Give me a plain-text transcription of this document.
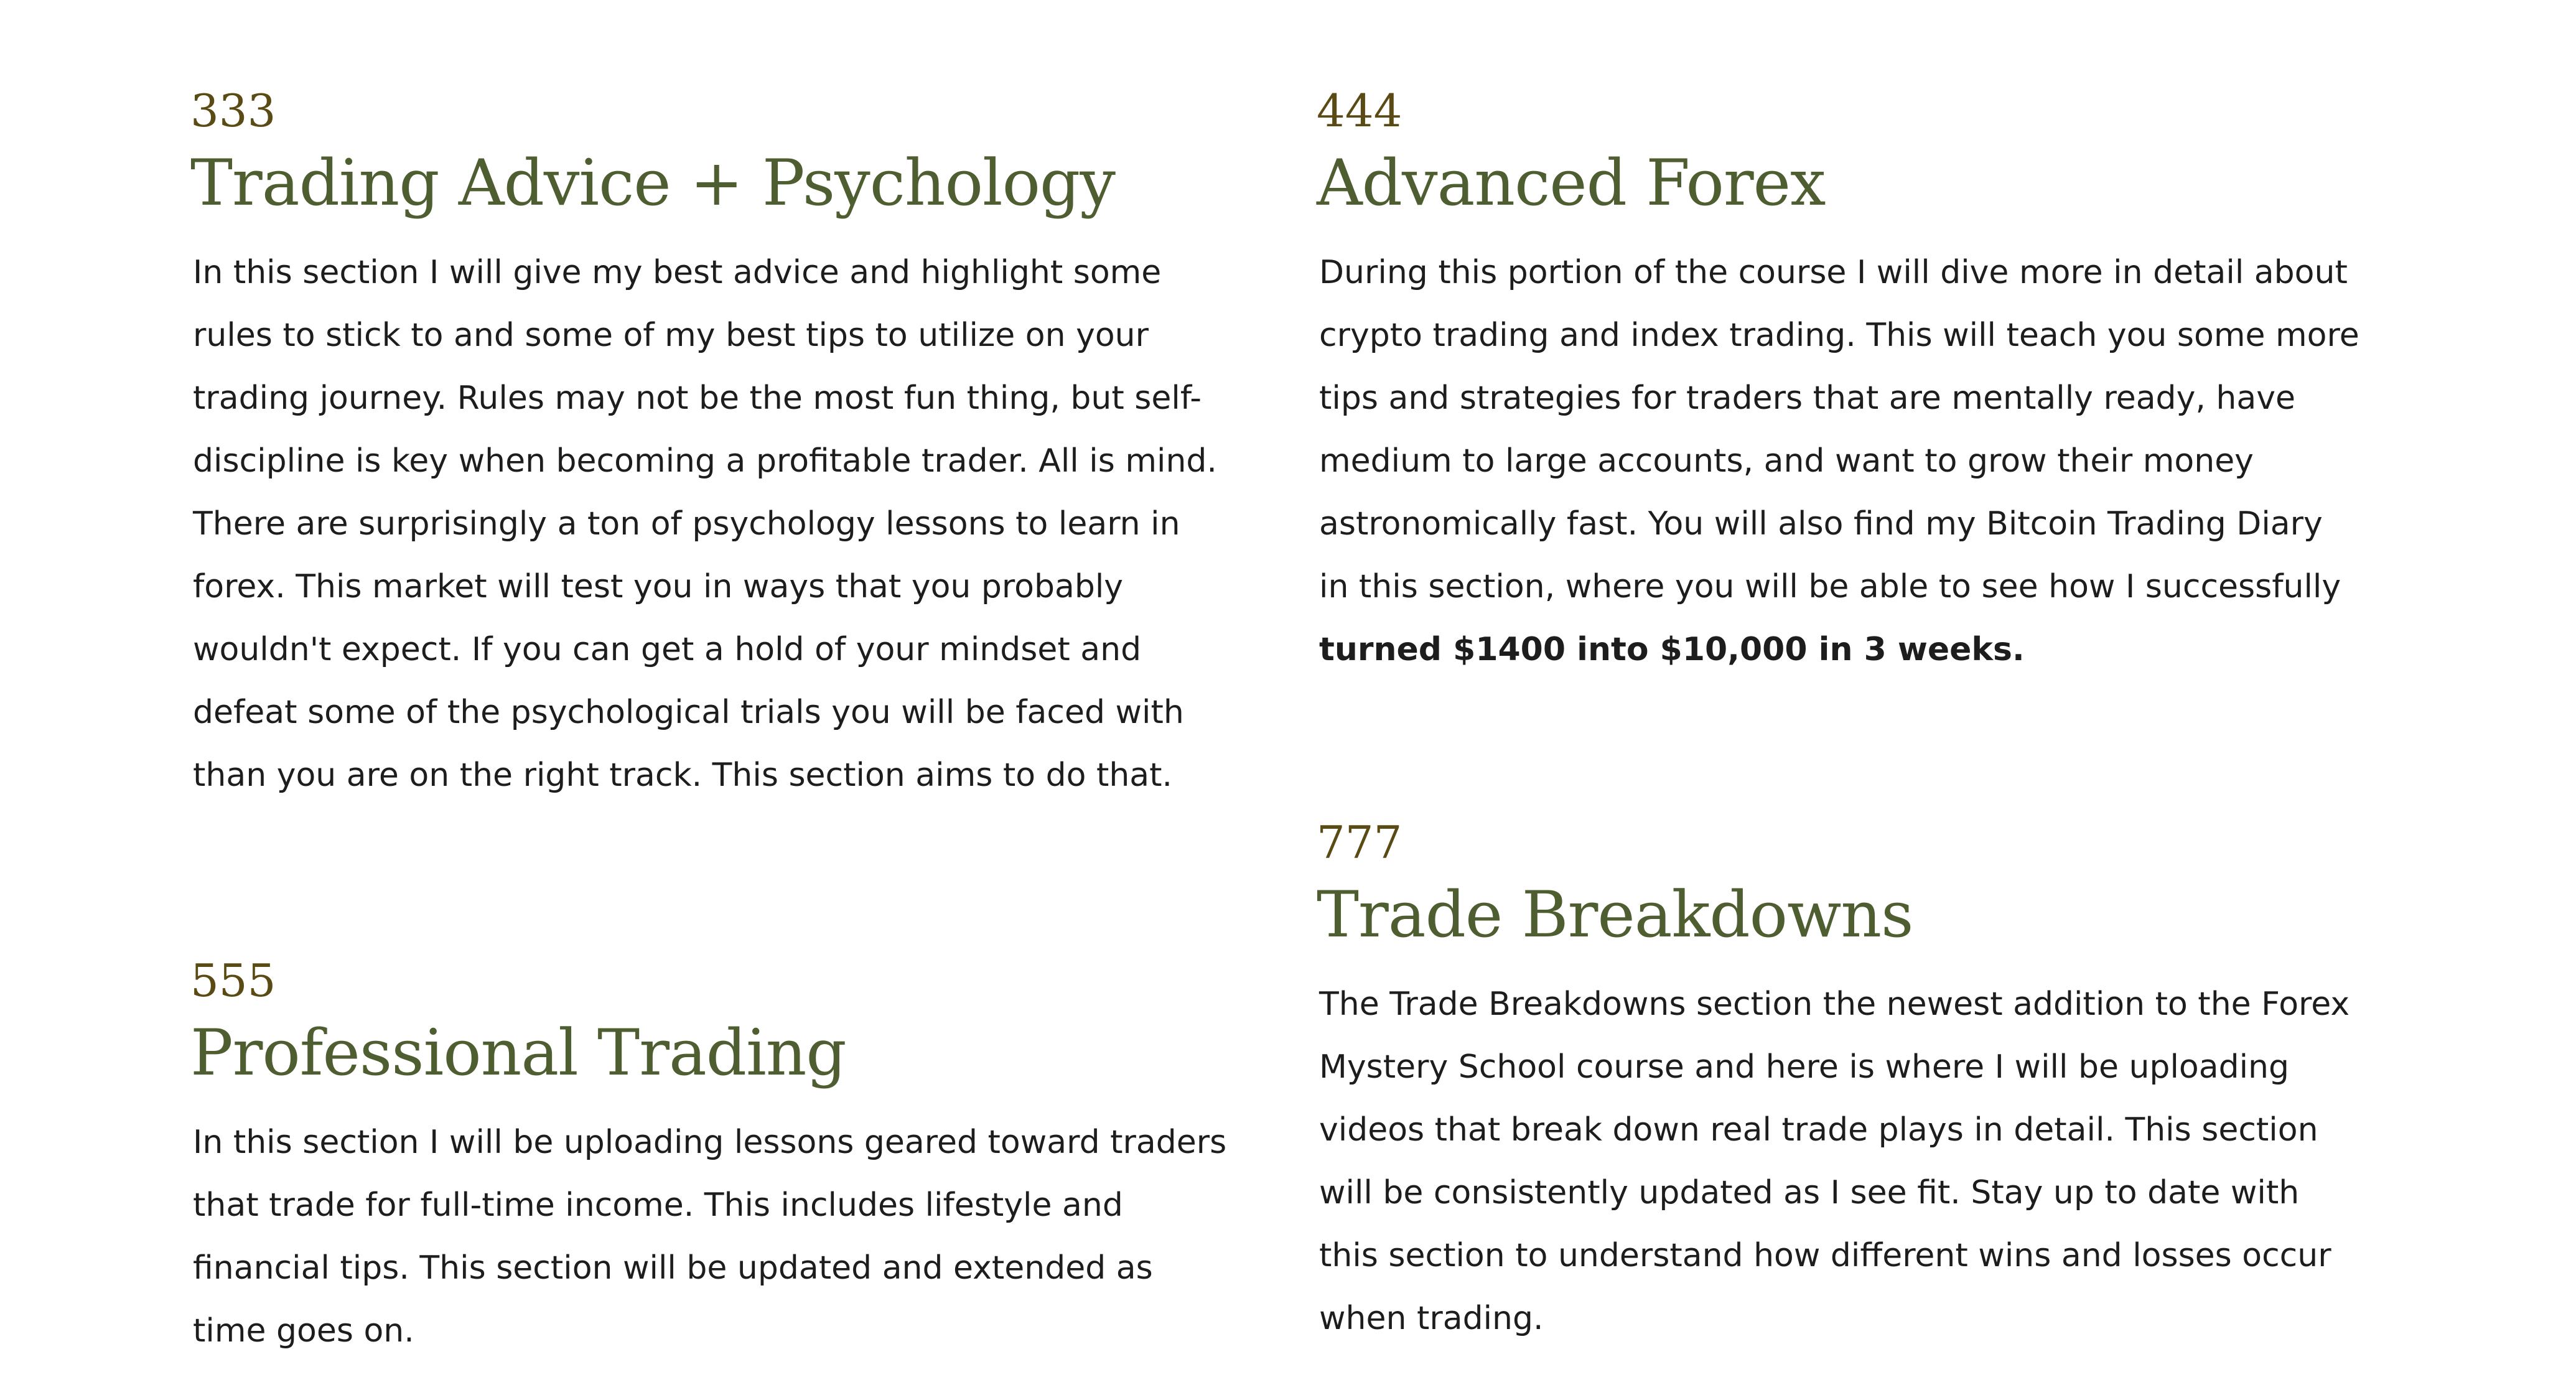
333
Trading Advice + Psychology

In this section I will give my best advice and highlight some rules to stick to and some of my best tips to utilize on your trading journey. Rules may not be the most fun thing, but self-discipline is key when becoming a profitable trader. All is mind. There are surprisingly a ton of psychology lessons to learn in forex. This market will test you in ways that you probably wouldn't expect. If you can get a hold of your mindset and defeat some of the psychological trials you will be faced with than you are on the right track. This section aims to do that.

444
Advanced Forex

During this portion of the course I will dive more in detail about crypto trading and index trading. This will teach you some more tips and strategies for traders that are mentally ready, have medium to large accounts, and want to grow their money astronomically fast. You will also find my Bitcoin Trading Diary in this section, where you will be able to see how I successfully turned $1400 into $10,000 in 3 weeks.

555
Professional Trading

In this section I will be uploading lessons geared toward traders that trade for full-time income. This includes lifestyle and financial tips. This section will be updated and extended as time goes on.

777
Trade Breakdowns

The Trade Breakdowns section the newest addition to the Forex Mystery School course and here is where I will be uploading videos that break down real trade plays in detail. This section will be consistently updated as I see fit. Stay up to date with this section to understand how different wins and losses occur when trading.
